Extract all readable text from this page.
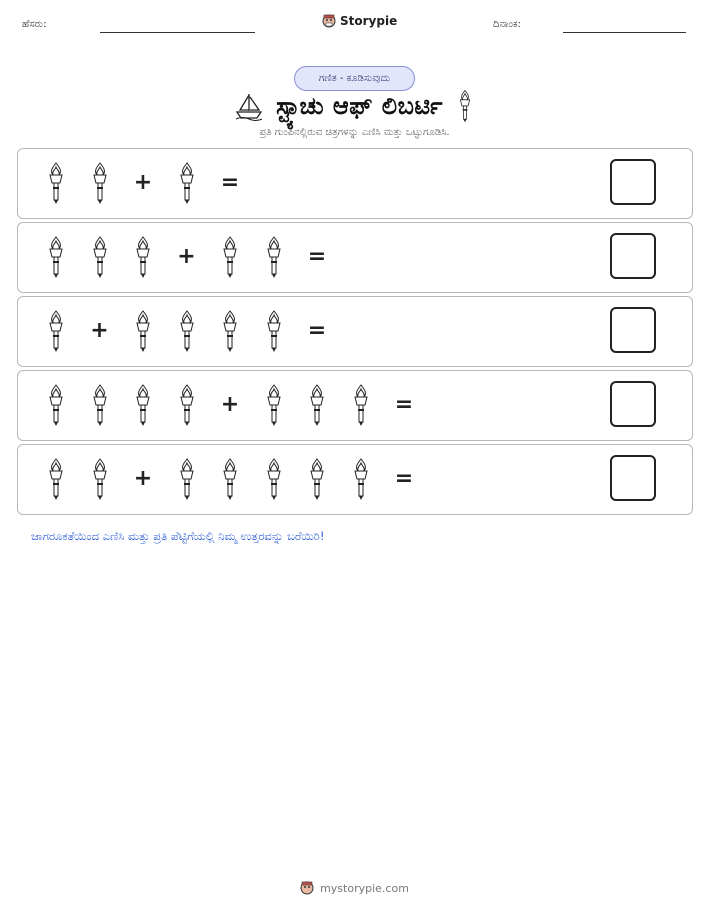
ಹೆಸರು:	Storypie	ದಿನಾಂಕ:
ಗಣಿತ - ಕೂಡಿಸುವುದು
ಸ್ಟ್ಯಾಚು ಆಫ್ ಲಿಬರ್ಟಿ
ಪ್ರತಿ ಗುಂಪಿನಲ್ಲಿರುವ ಚಿತ್ರಗಳನ್ನು ಎಣಿಸಿ ಮತ್ತು ಒಟ್ಟುಗೂಡಿಸಿ.
+	=
+	=
+	=
+	=
+	=
ಜಾಗರೂಕತೆಯಿಂದ ಎಣಿಸಿ ಮತ್ತು ಪ್ರತಿ ಪೆಟ್ಟಿಗೆಯಲ್ಲಿ ನಿಮ್ಮ ಉತ್ತರವನ್ನು ಬರೆಯಿರಿ!
mystorypie.com
